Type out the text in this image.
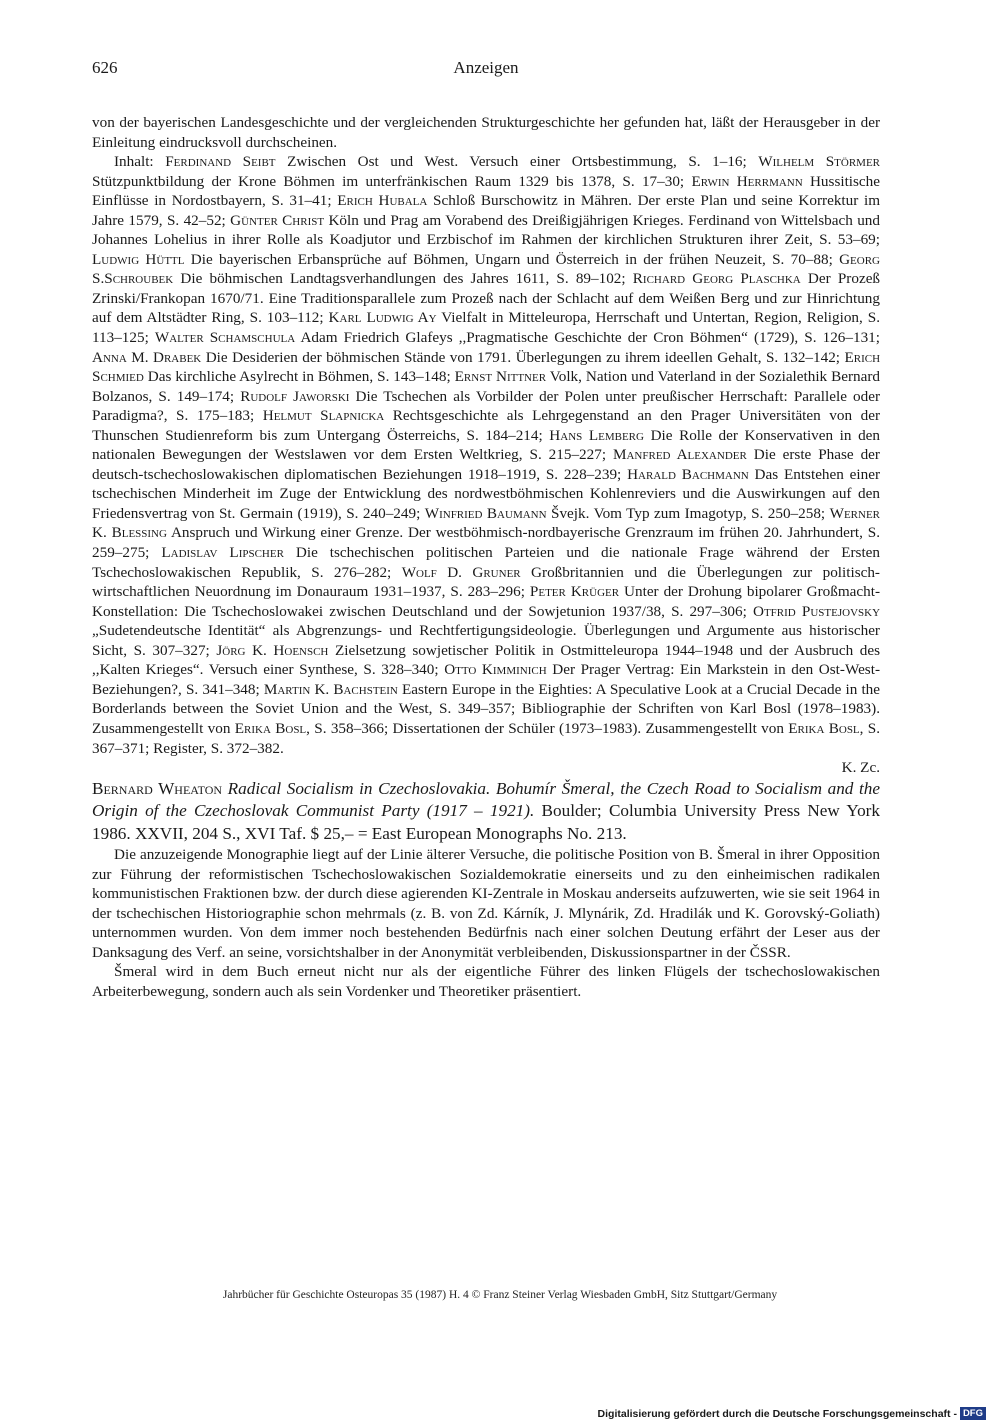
626	Anzeigen

von der bayerischen Landesgeschichte und der vergleichenden Strukturgeschichte her gefunden hat, läßt der Herausgeber in der Einleitung eindrucksvoll durchscheinen.

Inhalt: Ferdinand Seibt Zwischen Ost und West. Versuch einer Ortsbestimmung, S. 1–16; Wilhelm Störmer Stützpunktbildung der Krone Böhmen im unterfränkischen Raum 1329 bis 1378, S. 17–30; Erwin Herrmann Hussitische Einflüsse in Nordostbayern, S. 31–41; Erich Hubala Schloß Burschowitz in Mähren. Der erste Plan und seine Korrektur im Jahre 1579, S. 42–52; Günter Christ Köln und Prag am Vorabend des Dreißigjährigen Krieges. Ferdinand von Wittelsbach und Johannes Lohelius in ihrer Rolle als Koadjutor und Erzbischof im Rahmen der kirchlichen Strukturen ihrer Zeit, S. 53–69; Ludwig Hüttl Die bayerischen Erbansprüche auf Böhmen, Ungarn und Österreich in der frühen Neuzeit, S. 70–88; Georg S.Schroubek Die böhmischen Landtagsverhandlungen des Jahres 1611, S. 89–102; Richard Georg Plaschka Der Prozeß Zrinski/Frankopan 1670/71. Eine Traditionsparallele zum Prozeß nach der Schlacht auf dem Weißen Berg und zur Hinrichtung auf dem Altstädter Ring, S. 103–112; Karl Ludwig Ay Vielfalt in Mitteleuropa, Herrschaft und Untertan, Region, Religion, S. 113–125; Walter Schamschula Adam Friedrich Glafeys ,,Pragmatische Geschichte der Cron Böhmen“ (1729), S. 126–131; Anna M. Drabek Die Desiderien der böhmischen Stände von 1791. Überlegungen zu ihrem ideellen Gehalt, S. 132–142; Erich Schmied Das kirchliche Asylrecht in Böhmen, S. 143–148; Ernst Nittner Volk, Nation und Vaterland in der Sozialethik Bernard Bolzanos, S. 149–174; Rudolf Jaworski Die Tschechen als Vorbilder der Polen unter preußischer Herrschaft: Parallele oder Paradigma?, S. 175–183; Helmut Slapnicka Rechtsgeschichte als Lehrgegenstand an den Prager Universitäten von der Thunschen Studienreform bis zum Untergang Österreichs, S. 184–214; Hans Lemberg Die Rolle der Konservativen in den nationalen Bewegungen der Westslawen vor dem Ersten Weltkrieg, S. 215–227; Manfred Alexander Die erste Phase der deutsch-tschechoslowakischen diplomatischen Beziehungen 1918–1919, S. 228–239; Harald Bachmann Das Entstehen einer tschechischen Minderheit im Zuge der Entwicklung des nordwestböhmischen Kohlenreviers und die Auswirkungen auf den Friedensvertrag von St. Germain (1919), S. 240–249; Winfried Baumann Švejk. Vom Typ zum Imagotyp, S. 250–258; Werner K. Blessing Anspruch und Wirkung einer Grenze. Der westböhmisch-nordbayerische Grenzraum im frühen 20. Jahrhundert, S. 259–275; Ladislav Lipscher Die tschechischen politischen Parteien und die nationale Frage während der Ersten Tschechoslowakischen Republik, S. 276–282; Wolf D. Gruner Großbritannien und die Überlegungen zur politisch-wirtschaftlichen Neuordnung im Donauraum 1931–1937, S. 283–296; Peter Krüger Unter der Drohung bipolarer Großmacht-Konstellation: Die Tschechoslowakei zwischen Deutschland und der Sowjetunion 1937/38, S. 297–306; Otfrid Pustejovsky „Sudetendeutsche Identität“ als Abgrenzungs- und Rechtfertigungsideologie. Überlegungen und Argumente aus historischer Sicht, S. 307–327; Jörg K. Hoensch Zielsetzung sowjetischer Politik in Ostmitteleuropa 1944–1948 und der Ausbruch des ,,Kalten Krieges“. Versuch einer Synthese, S. 328–340; Otto Kimminich Der Prager Vertrag: Ein Markstein in den Ost-West-Beziehungen?, S. 341–348; Martin K. Bachstein Eastern Europe in the Eighties: A Speculative Look at a Crucial Decade in the Borderlands between the Soviet Union and the West, S. 349–357; Bibliographie der Schriften von Karl Bosl (1978–1983). Zusammengestellt von Erika Bosl, S. 358–366; Dissertationen der Schüler (1973–1983). Zusammengestellt von Erika Bosl, S. 367–371; Register, S. 372–382.

K. Zc.

Bernard Wheaton Radical Socialism in Czechoslovakia. Bohumír Šmeral, the Czech Road to Socialism and the Origin of the Czechoslovak Communist Party (1917 – 1921). Boulder; Columbia University Press New York 1986. XXVII, 204 S., XVI Taf. $ 25,– = East European Monographs No. 213.

Die anzuzeigende Monographie liegt auf der Linie älterer Versuche, die politische Position von B. Šmeral in ihrer Opposition zur Führung der reformistischen Tschechoslowakischen Sozialdemokratie einerseits und zu den einheimischen radikalen kommunistischen Fraktionen bzw. der durch diese agierenden KI-Zentrale in Moskau anderseits aufzuwerten, wie sie seit 1964 in der tschechischen Historiographie schon mehrmals (z. B. von Zd. Kárník, J. Mlynárik, Zd. Hradilák und K. Gorovský-Goliath) unternommen wurden. Von dem immer noch bestehenden Bedürfnis nach einer solchen Deutung erfährt der Leser aus der Danksagung des Verf. an seine, vorsichtshalber in der Anonymität verbleibenden, Diskussionspartner in der ČSSR.

Šmeral wird in dem Buch erneut nicht nur als der eigentliche Führer des linken Flügels der tschechoslowakischen Arbeiterbewegung, sondern auch als sein Vordenker und Theoretiker präsentiert.

Jahrbücher für Geschichte Osteuropas 35 (1987) H. 4 © Franz Steiner Verlag Wiesbaden GmbH, Sitz Stuttgart/Germany
Digitalisierung gefördert durch die Deutsche Forschungsgemeinschaft - DFG
